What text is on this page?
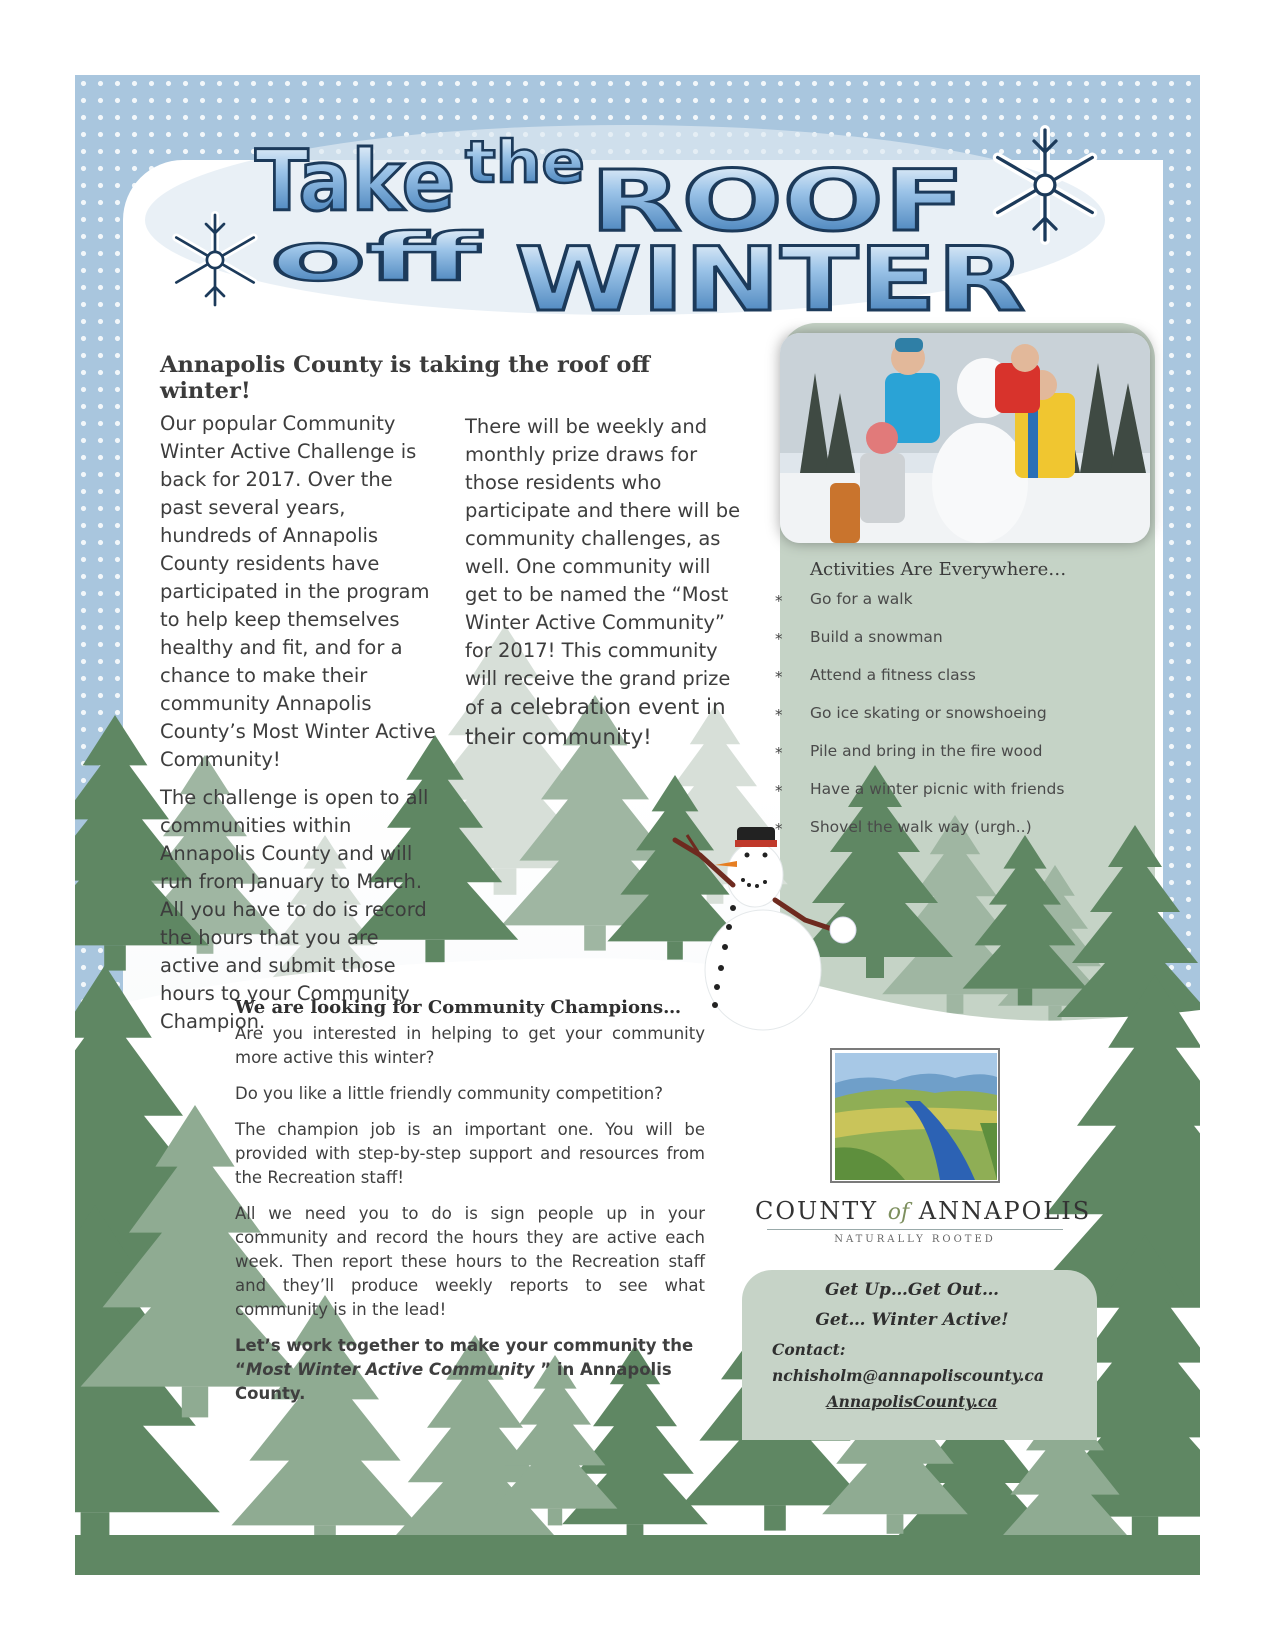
Take the ROOF
off WINTER
Annapolis County is taking the roof off winter!

Our popular Community Winter Active Challenge is back for 2017. Over the past several years, hundreds of Annapolis County residents have participated in the program to help keep themselves healthy and fit, and for a chance to make their community Annapolis County’s Most Winter Active Community!

The challenge is open to all communities within Annapolis County and will run from January to March. All you have to do is record the hours that you are active and submit those hours to your Community Champion.

There will be weekly and monthly prize draws for those residents who participate and there will be community challenges, as well. One community will get to be named the “Most Winter Active Community” for 2017! This community will receive the grand prize of a celebration event in their community!

Activities Are Everywhere…
* Go for a walk
* Build a snowman
* Attend a fitness class
* Go ice skating or snowshoeing
* Pile and bring in the fire wood
* Have a winter picnic with friends
* Shovel the walk way (urgh..)
We are looking for Community Champions…

Are you interested in helping to get your community more active this winter?

Do you like a little friendly community competition?

The champion job is an important one. You will be provided with step-by-step support and resources from the Recreation staff!

All we need you to do is sign people up in your community and record the hours they are active each week. Then report these hours to the Recreation staff and they’ll produce weekly reports to see what community is in the lead!

Let’s work together to make your community the “Most Winter Active Community ” in Annapolis County.

COUNTY of ANNAPOLIS
NATURALLY ROOTED
Get Up…Get Out…
Get… Winter Active!
Contact:
nchisholm@annapoliscounty.ca
AnnapolisCounty.ca
